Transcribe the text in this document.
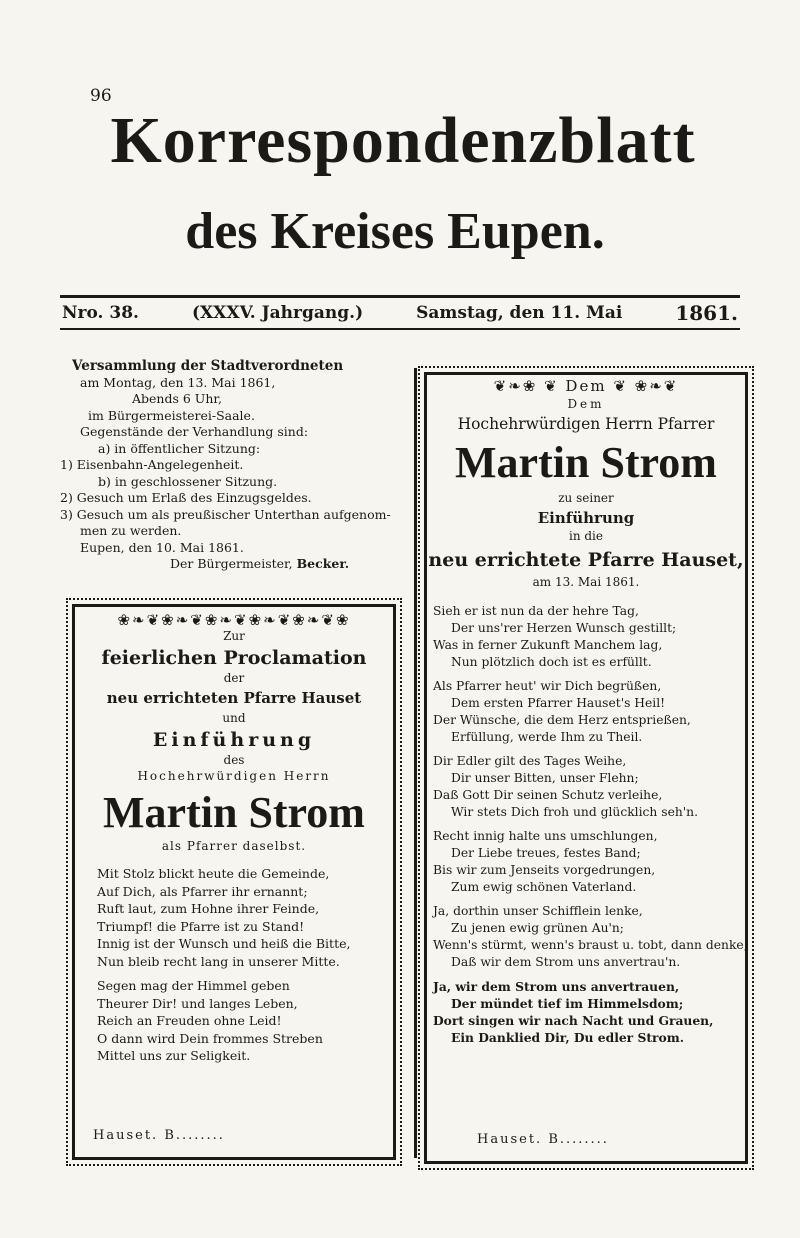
96
Korrespondenzblatt
des Kreises Eupen.
Nro. 38.	(XXXV. Jahrgang.)	Samstag, den 11. Mai	1861.
Versammlung der Stadtverordneten
am Montag, den 13. Mai 1861,
Abends 6 Uhr,
im Bürgermeisterei-Saale.
Gegenstände der Verhandlung sind:
a) in öffentlicher Sitzung:
1) Eisenbahn-Angelegenheit.
b) in geschlossener Sitzung.
2) Gesuch um Erlaß des Einzugsgeldes.
3) Gesuch um als preußischer Unterthan aufgenom-
men zu werden.
Eupen, den 10. Mai 1861.
Der Bürgermeister, Becker.
❀❧❦❀❧❦❀❧❦❀❧❦❀❧❦❀
Zur
feierlichen Proclamation
der
neu errichteten Pfarre Hauset
und
Einführung
des
Hochehrwürdigen Herrn
Martin Strom
als Pfarrer daselbst.
Mit Stolz blickt heute die Gemeinde,
Auf Dich, als Pfarrer ihr ernannt;
Ruft laut, zum Hohne ihrer Feinde,
Triumpf! die Pfarre ist zu Stand!
Innig ist der Wunsch und heiß die Bitte,
Nun bleib recht lang in unserer Mitte.
Segen mag der Himmel geben
Theurer Dir! und langes Leben,
Reich an Freuden ohne Leid!
O dann wird Dein frommes Streben
Mittel uns zur Seligkeit.
Hauset. B........
❦❧❀ ❦ Dem ❦ ❀❧❦
Dem
Hochehrwürdigen Herrn Pfarrer
Martin Strom
zu seiner
Einführung
in die
neu errichtete Pfarre Hauset,
am 13. Mai 1861.
Sieh er ist nun da der hehre Tag,
Der uns'rer Herzen Wunsch gestillt;
Was in ferner Zukunft Manchem lag,
Nun plötzlich doch ist es erfüllt.
Als Pfarrer heut' wir Dich begrüßen,
Dem ersten Pfarrer Hauset's Heil!
Der Wünsche, die dem Herz entsprießen,
Erfüllung, werde Ihm zu Theil.
Dir Edler gilt des Tages Weihe,
Dir unser Bitten, unser Flehn;
Daß Gott Dir seinen Schutz verleihe,
Wir stets Dich froh und glücklich seh'n.
Recht innig halte uns umschlungen,
Der Liebe treues, festes Band;
Bis wir zum Jenseits vorgedrungen,
Zum ewig schönen Vaterland.
Ja, dorthin unser Schifflein lenke,
Zu jenen ewig grünen Au'n;
Wenn's stürmt, wenn's braust u. tobt, dann denke,
Daß wir dem Strom uns anvertrau'n.
Ja, wir dem Strom uns anvertrauen,
Der mündet tief im Himmelsdom;
Dort singen wir nach Nacht und Grauen,
Ein Danklied Dir, Du edler Strom.
Hauset. B........
